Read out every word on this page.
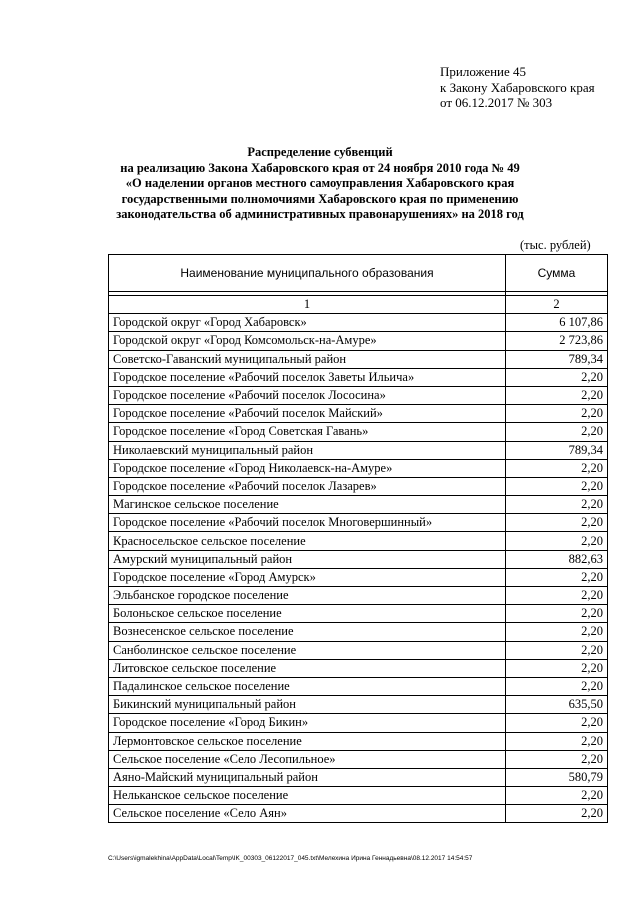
Приложение 45
к Закону Хабаровского края
от 06.12.2017 № 303
Распределение субвенций
на реализацию Закона Хабаровского края от 24 ноября 2010 года № 49
«О наделении органов местного самоуправления Хабаровского края
государственными полномочиями Хабаровского края по применению
законодательства об административных правонарушениях» на 2018 год
(тыс. рублей)
Наименование муниципального образования	Сумма

1	2
Городской округ «Город Хабаровск»	6 107,86
Городской округ «Город Комсомольск-на-Амуре»	2 723,86
Советско-Гаванский муниципальный район	789,34
Городское поселение «Рабочий поселок Заветы Ильича»	2,20
Городское поселение «Рабочий поселок Лососина»	2,20
Городское поселение «Рабочий поселок Майский»	2,20
Городское поселение «Город Советская Гавань»	2,20
Николаевский муниципальный район	789,34
Городское поселение «Город Николаевск-на-Амуре»	2,20
Городское поселение «Рабочий поселок Лазарев»	2,20
Магинское сельское поселение	2,20
Городское поселение «Рабочий поселок Многовершинный»	2,20
Красносельское сельское поселение	2,20
Амурский муниципальный район	882,63
Городское поселение «Город Амурск»	2,20
Эльбанское городское поселение	2,20
Болоньское сельское поселение	2,20
Вознесенское сельское поселение	2,20
Санболинское сельское поселение	2,20
Литовское сельское поселение	2,20
Падалинское сельское поселение	2,20
Бикинский муниципальный район	635,50
Городское поселение «Город Бикин»	2,20
Лермонтовское сельское поселение	2,20
Сельское поселение «Село Лесопильное»	2,20
Аяно-Майский муниципальный район	580,79
Нельканское сельское поселение	2,20
Сельское поселение «Село Аян»	2,20
C:\Users\igmalekhina\AppData\Local\Temp\IK_00303_06122017_045.txt\Мелехина Ирина Геннадьевна\08.12.2017 14:54:57
